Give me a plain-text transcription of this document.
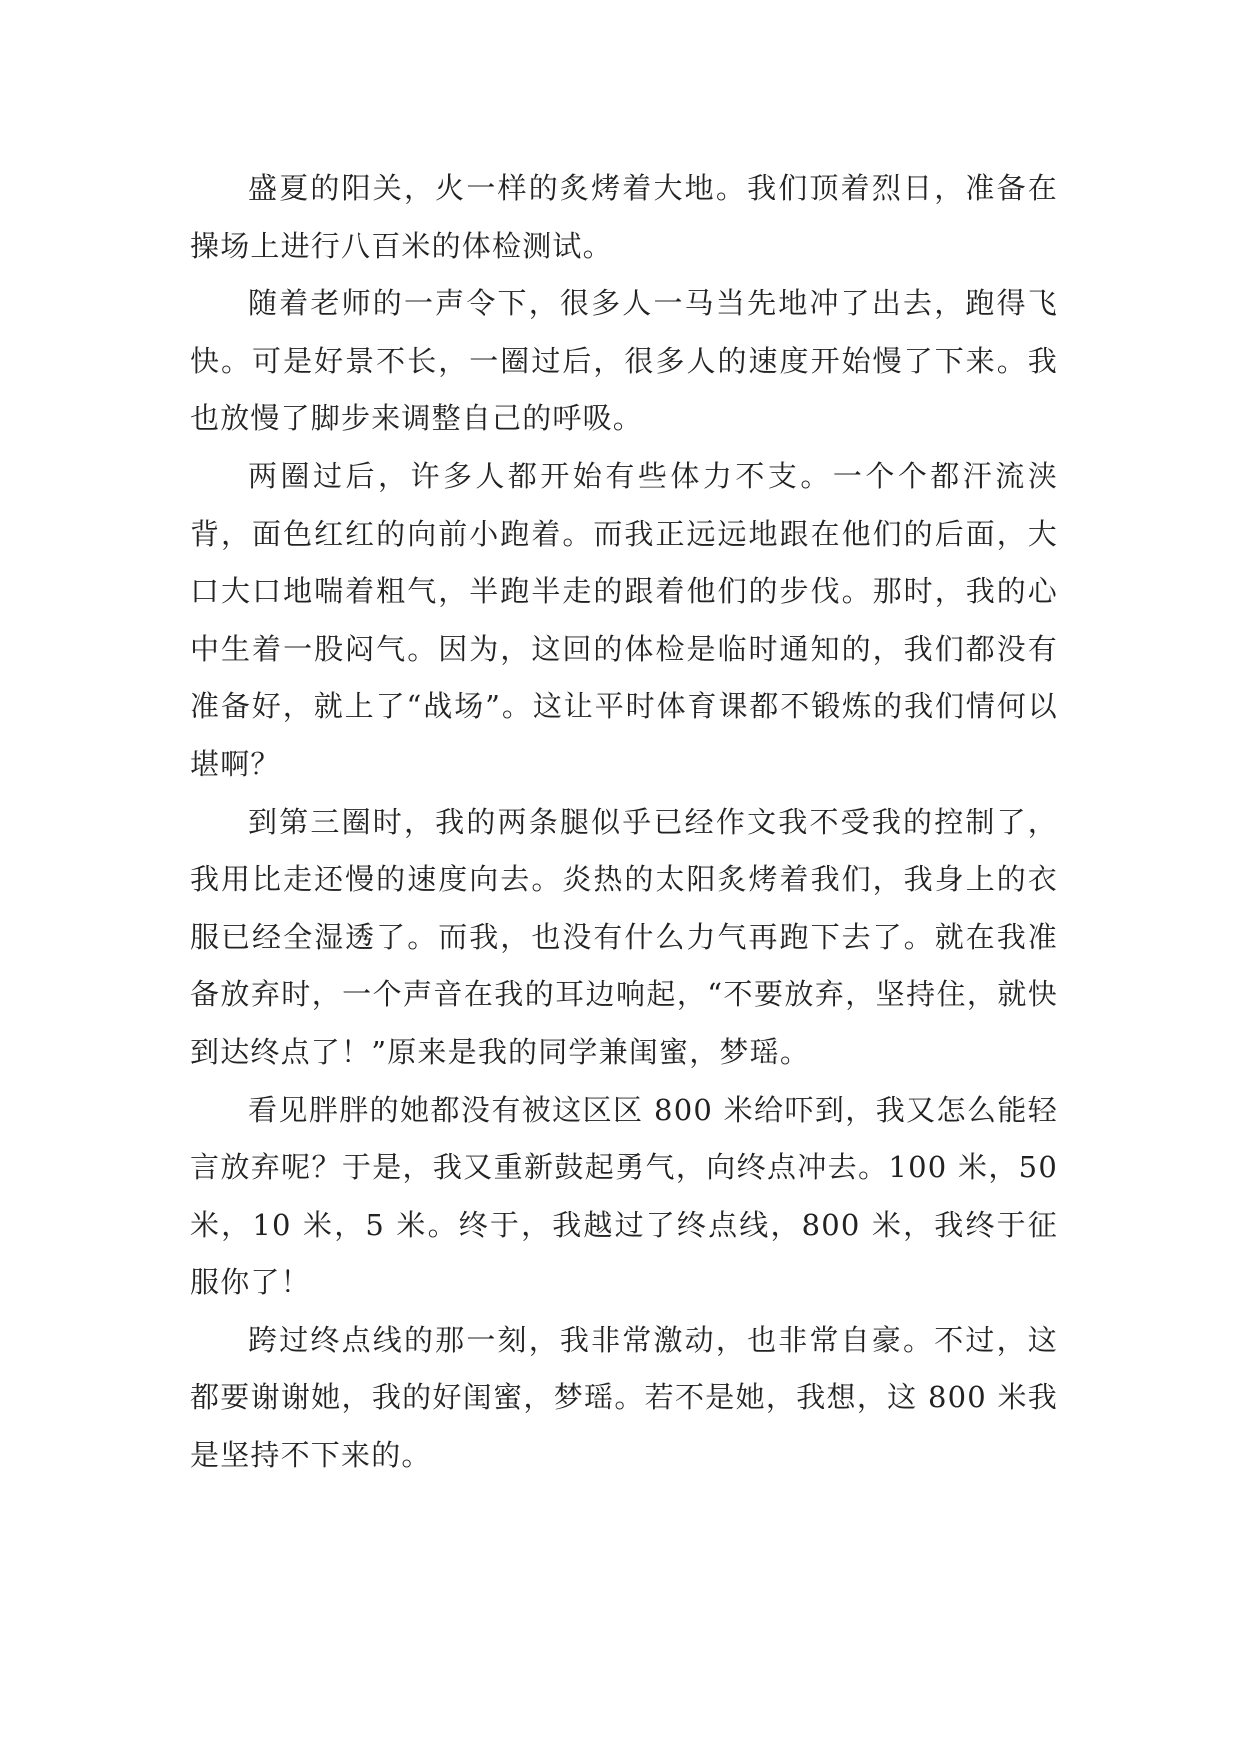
盛夏的阳关，火一样的炙烤着大地。我们顶着烈日，准备在操场上进行八百米的体检测试。

随着老师的一声令下，很多人一马当先地冲了出去，跑得飞快。可是好景不长，一圈过后，很多人的速度开始慢了下来。我也放慢了脚步来调整自己的呼吸。

两圈过后，许多人都开始有些体力不支。一个个都汗流浃背，面色红红的向前小跑着。而我正远远地跟在他们的后面，大口大口地喘着粗气，半跑半走的跟着他们的步伐。那时，我的心中生着一股闷气。因为，这回的体检是临时通知的，我们都没有准备好，就上了“战场”。这让平时体育课都不锻炼的我们情何以堪啊？

到第三圈时，我的两条腿似乎已经作文我不受我的控制了，我用比走还慢的速度向去。炎热的太阳炙烤着我们，我身上的衣服已经全湿透了。而我，也没有什么力气再跑下去了。就在我准备放弃时，一个声音在我的耳边响起，“不要放弃，坚持住，就快到达终点了！”原来是我的同学兼闺蜜，梦瑶。

看见胖胖的她都没有被这区区 800 米给吓到，我又怎么能轻言放弃呢？于是，我又重新鼓起勇气，向终点冲去。100 米，50 米，10 米，5 米。终于，我越过了终点线，800 米，我终于征服你了！

跨过终点线的那一刻，我非常激动，也非常自豪。不过，这都要谢谢她，我的好闺蜜，梦瑶。若不是她，我想，这 800 米我是坚持不下来的。
